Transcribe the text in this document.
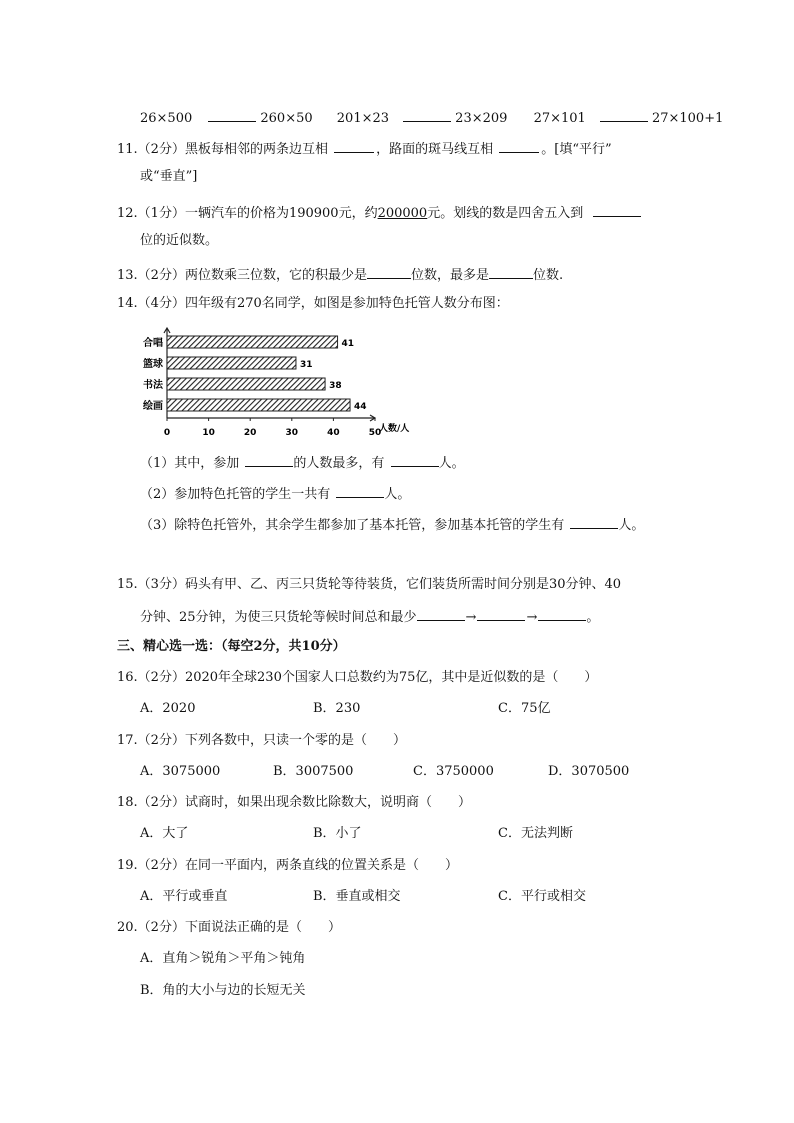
26×500	260×50 201×23	23×209 27×101	27×100+1
11.（2分）黑板每相邻的两条边互相	，路面的斑马线互相	。[填“平行”
或“垂直”]
12.（1分）一辆汽车的价格为190900元，约200000元。划线的数是四舍五入到
位的近似数。
13.（2分）两位数乘三位数，它的积最少是	位数，最多是	位数.
14.（4分）四年级有270名同学，如图是参加特色托管人数分布图：
0	10	20	30	40	50
人数/人
合唱	41
篮球	31
书法	38
绘画	44
（1）其中，参加	的人数最多，有	人。
（2）参加特色托管的学生一共有	人。
（3）除特色托管外，其余学生都参加了基本托管，参加基本托管的学生有	人。
15.（3分）码头有甲、乙、丙三只货轮等待装货，它们装货所需时间分别是30分钟、40
分钟、25分钟，为使三只货轮等候时间总和最少	→	→	。
三、精心选一选：（每空2分，共10分）
16.（2分）2020年全球230个国家人口总数约为75亿，其中是近似数的是（　　）
A．2020	B．230	C．75亿
17.（2分）下列各数中，只读一个零的是（　　）
A．3075000	B．3007500	C．3750000	D．3070500
18.（2分）试商时，如果出现余数比除数大，说明商（　　）
A．大了	B．小了	C．无法判断
19.（2分）在同一平面内，两条直线的位置关系是（　　）
A．平行或垂直	B．垂直或相交	C．平行或相交
20.（2分）下面说法正确的是（　　）
A．直角＞锐角＞平角＞钝角
B．角的大小与边的长短无关
